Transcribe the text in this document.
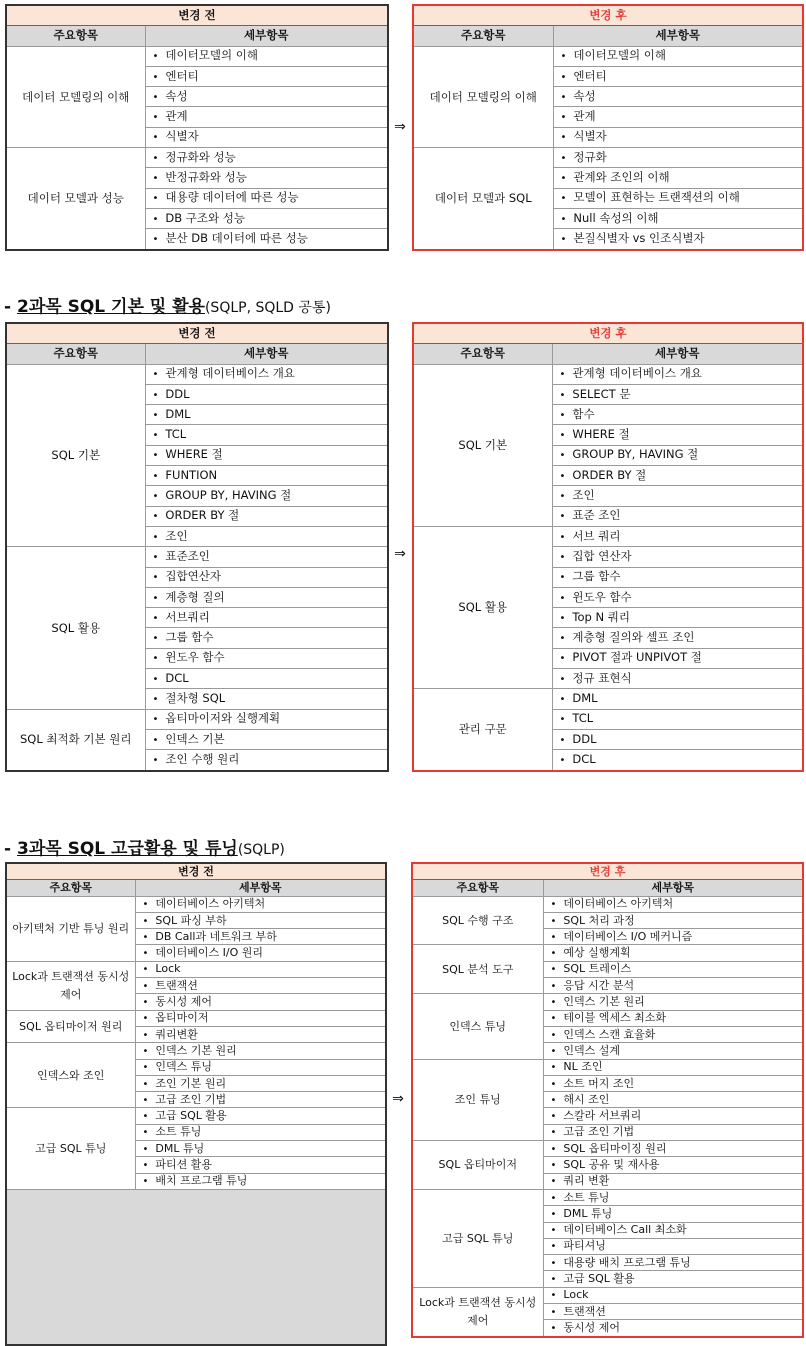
변경 전	
주요항목	세부항목
데이터 모델링의 이해	• 데이터모델의 이해
	• 엔터티
	• 속성
	• 관계
	• 식별자
데이터 모델과 성능	• 정규화와 성능
	• 반정규화와 성능
	• 대용량 데이터에 따른 성능
	• DB 구조와 성능
	• 분산 DB 데이터에 따른 성능
⇒
변경 후	
주요항목	세부항목
데이터 모델링의 이해	• 데이터모델의 이해
	• 엔터티
	• 속성
	• 관계
	• 식별자
데이터 모델과 SQL	• 정규화
	• 관계와 조인의 이해
	• 모델이 표현하는 트랜잭션의 이해
	• Null 속성의 이해
	• 본질식별자 vs 인조식별자
- 2과목 SQL 기본 및 활용(SQLP, SQLD 공통)
변경 전	
주요항목	세부항목
SQL 기본	• 관계형 데이터베이스 개요
	• DDL
	• DML
	• TCL
	• WHERE 절
	• FUNTION
	• GROUP BY, HAVING 절
	• ORDER BY 절
	• 조인
SQL 활용	• 표준조인
	• 집합연산자
	• 계층형 질의
	• 서브쿼리
	• 그룹 함수
	• 윈도우 함수
	• DCL
	• 절차형 SQL
SQL 최적화 기본 원리	• 옵티마이저와 실행계획
	• 인덱스 기본
	• 조인 수행 원리
⇒
변경 후	
주요항목	세부항목
SQL 기본	• 관계형 데이터베이스 개요
	• SELECT 문
	• 함수
	• WHERE 절
	• GROUP BY, HAVING 절
	• ORDER BY 절
	• 조인
	• 표준 조인
SQL 활용	• 서브 쿼리
	• 집합 연산자
	• 그룹 함수
	• 윈도우 함수
	• Top N 쿼리
	• 계층형 질의와 셀프 조인
	• PIVOT 절과 UNPIVOT 절
	• 정규 표현식
관리 구문	• DML
	• TCL
	• DDL
	• DCL
- 3과목 SQL 고급활용 및 튜닝(SQLP)
변경 전	
주요항목	세부항목
아키텍처 기반 튜닝 원리	• 데이터베이스 아키텍처
	• SQL 파싱 부하
	• DB Call과 네트워크 부하
	• 데이터베이스 I/O 원리
Lock과 트랜잭션 동시성 제어	• Lock
	• 트랜잭션
	• 동시성 제어
SQL 옵티마이저 원리	• 옵티마이저
	• 쿼리변환
인덱스와 조인	• 인덱스 기본 원리
	• 인덱스 튜닝
	• 조인 기본 원리
	• 고급 조인 기법
고급 SQL 튜닝	• 고급 SQL 활용
	• 소트 튜닝
	• DML 튜닝
	• 파티션 활용
	• 배치 프로그램 튜닝

⇒
변경 후	
주요항목	세부항목
SQL 수행 구조	• 데이터베이스 아키텍처
	• SQL 처리 과정
	• 데이터베이스 I/O 메커니즘
SQL 분석 도구	• 예상 실행계획
	• SQL 트레이스
	• 응답 시간 분석
인덱스 튜닝	• 인덱스 기본 원리
	• 테이블 엑세스 최소화
	• 인덱스 스캔 효율화
	• 인덱스 설계
조인 튜닝	• NL 조인
	• 소트 머지 조인
	• 해시 조인
	• 스칼라 서브쿼리
	• 고급 조인 기법
SQL 옵티마이저	• SQL 옵티마이징 원리
	• SQL 공유 및 재사용
	• 쿼리 변환
고급 SQL 튜닝	• 소트 튜닝
	• DML 튜닝
	• 데이터베이스 Call 최소화
	• 파티셔닝
	• 대용량 배치 프로그램 튜닝
	• 고급 SQL 활용
Lock과 트랜잭션 동시성 제어	• Lock
	• 트랜잭션
	• 동시성 제어
